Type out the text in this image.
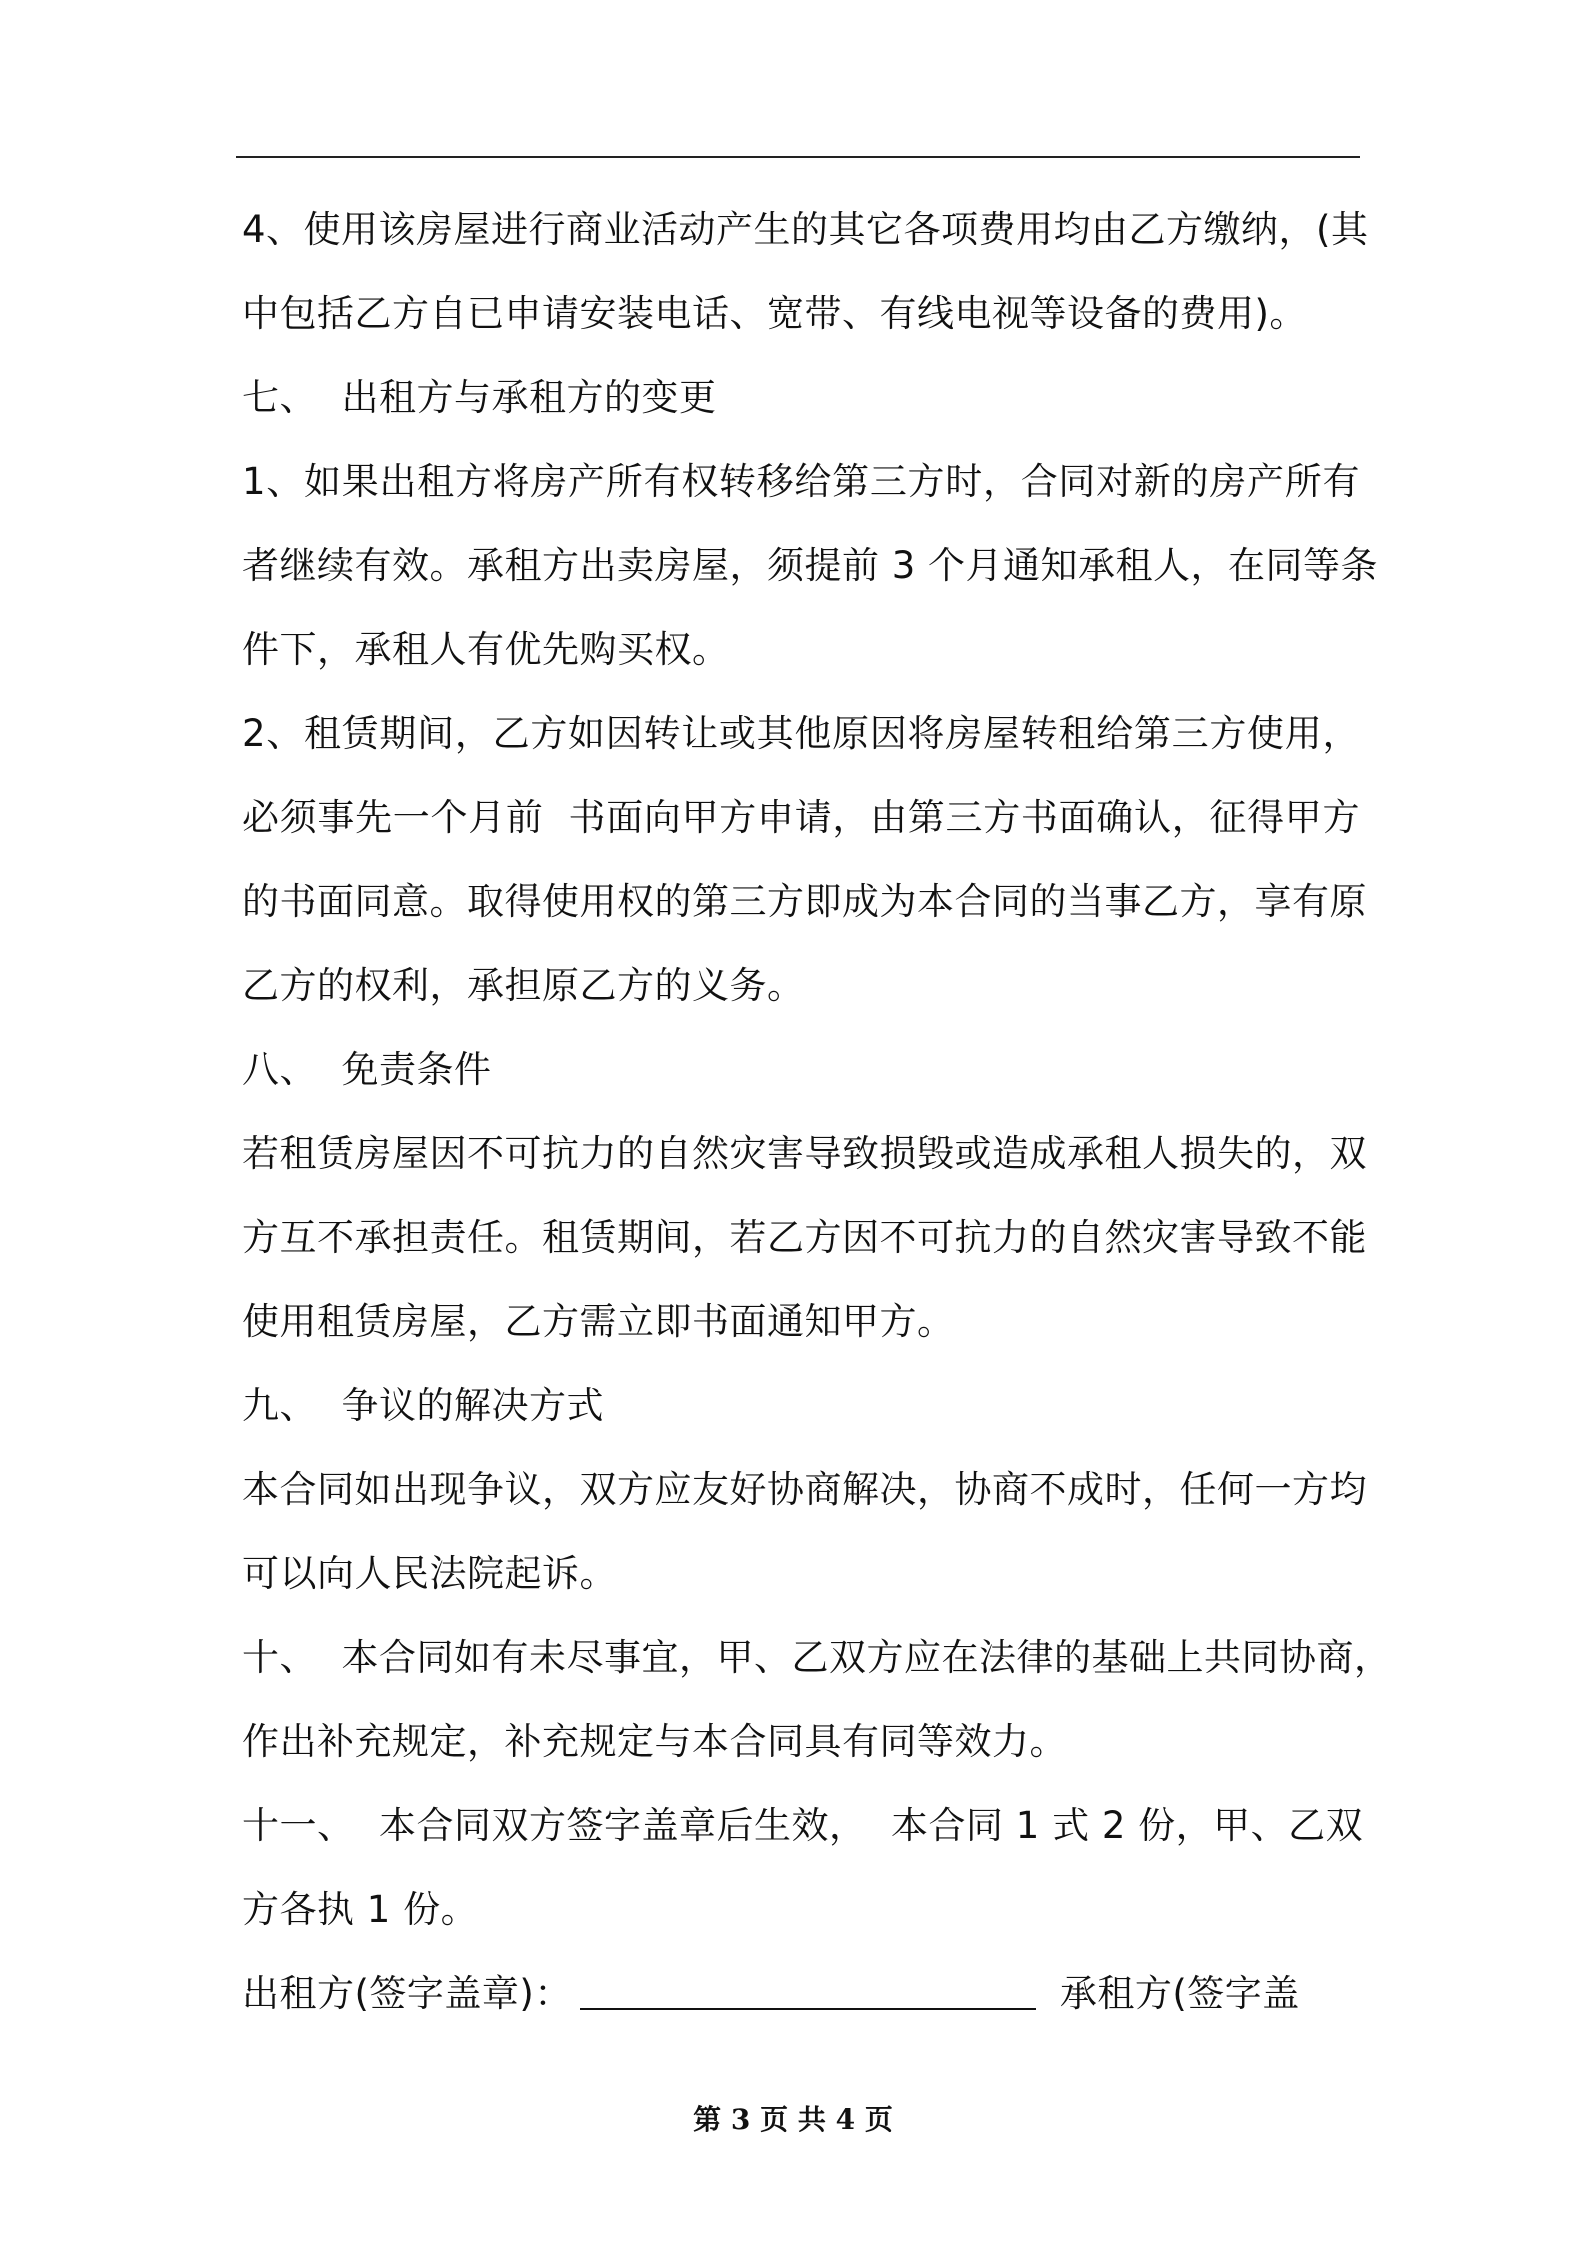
4、使用该房屋进行商业活动产生的其它各项费用均由乙方缴纳，(其
中包括乙方自已申请安装电话、宽带、有线电视等设备的费用)。
七、  出租方与承租方的变更
1、如果出租方将房产所有权转移给第三方时，合同对新的房产所有
者继续有效。承租方出卖房屋，须提前 3 个月通知承租人，在同等条
件下，承租人有优先购买权。
2、租赁期间，乙方如因转让或其他原因将房屋转租给第三方使用，
必须事先一个月前  书面向甲方申请，由第三方书面确认，征得甲方
的书面同意。取得使用权的第三方即成为本合同的当事乙方，享有原
乙方的权利，承担原乙方的义务。
八、  免责条件
若租赁房屋因不可抗力的自然灾害导致损毁或造成承租人损失的，双
方互不承担责任。租赁期间，若乙方因不可抗力的自然灾害导致不能
使用租赁房屋，乙方需立即书面通知甲方。
九、  争议的解决方式
本合同如出现争议，双方应友好协商解决，协商不成时，任何一方均
可以向人民法院起诉。
十、  本合同如有未尽事宜，甲、乙双方应在法律的基础上共同协商，
作出补充规定，补充规定与本合同具有同等效力。
十一、  本合同双方签字盖章后生效，  本合同 1 式 2 份，甲、乙双
方各执 1 份。
出租方(签字盖章)：	承租方(签字盖
第 3 页 共 4 页
